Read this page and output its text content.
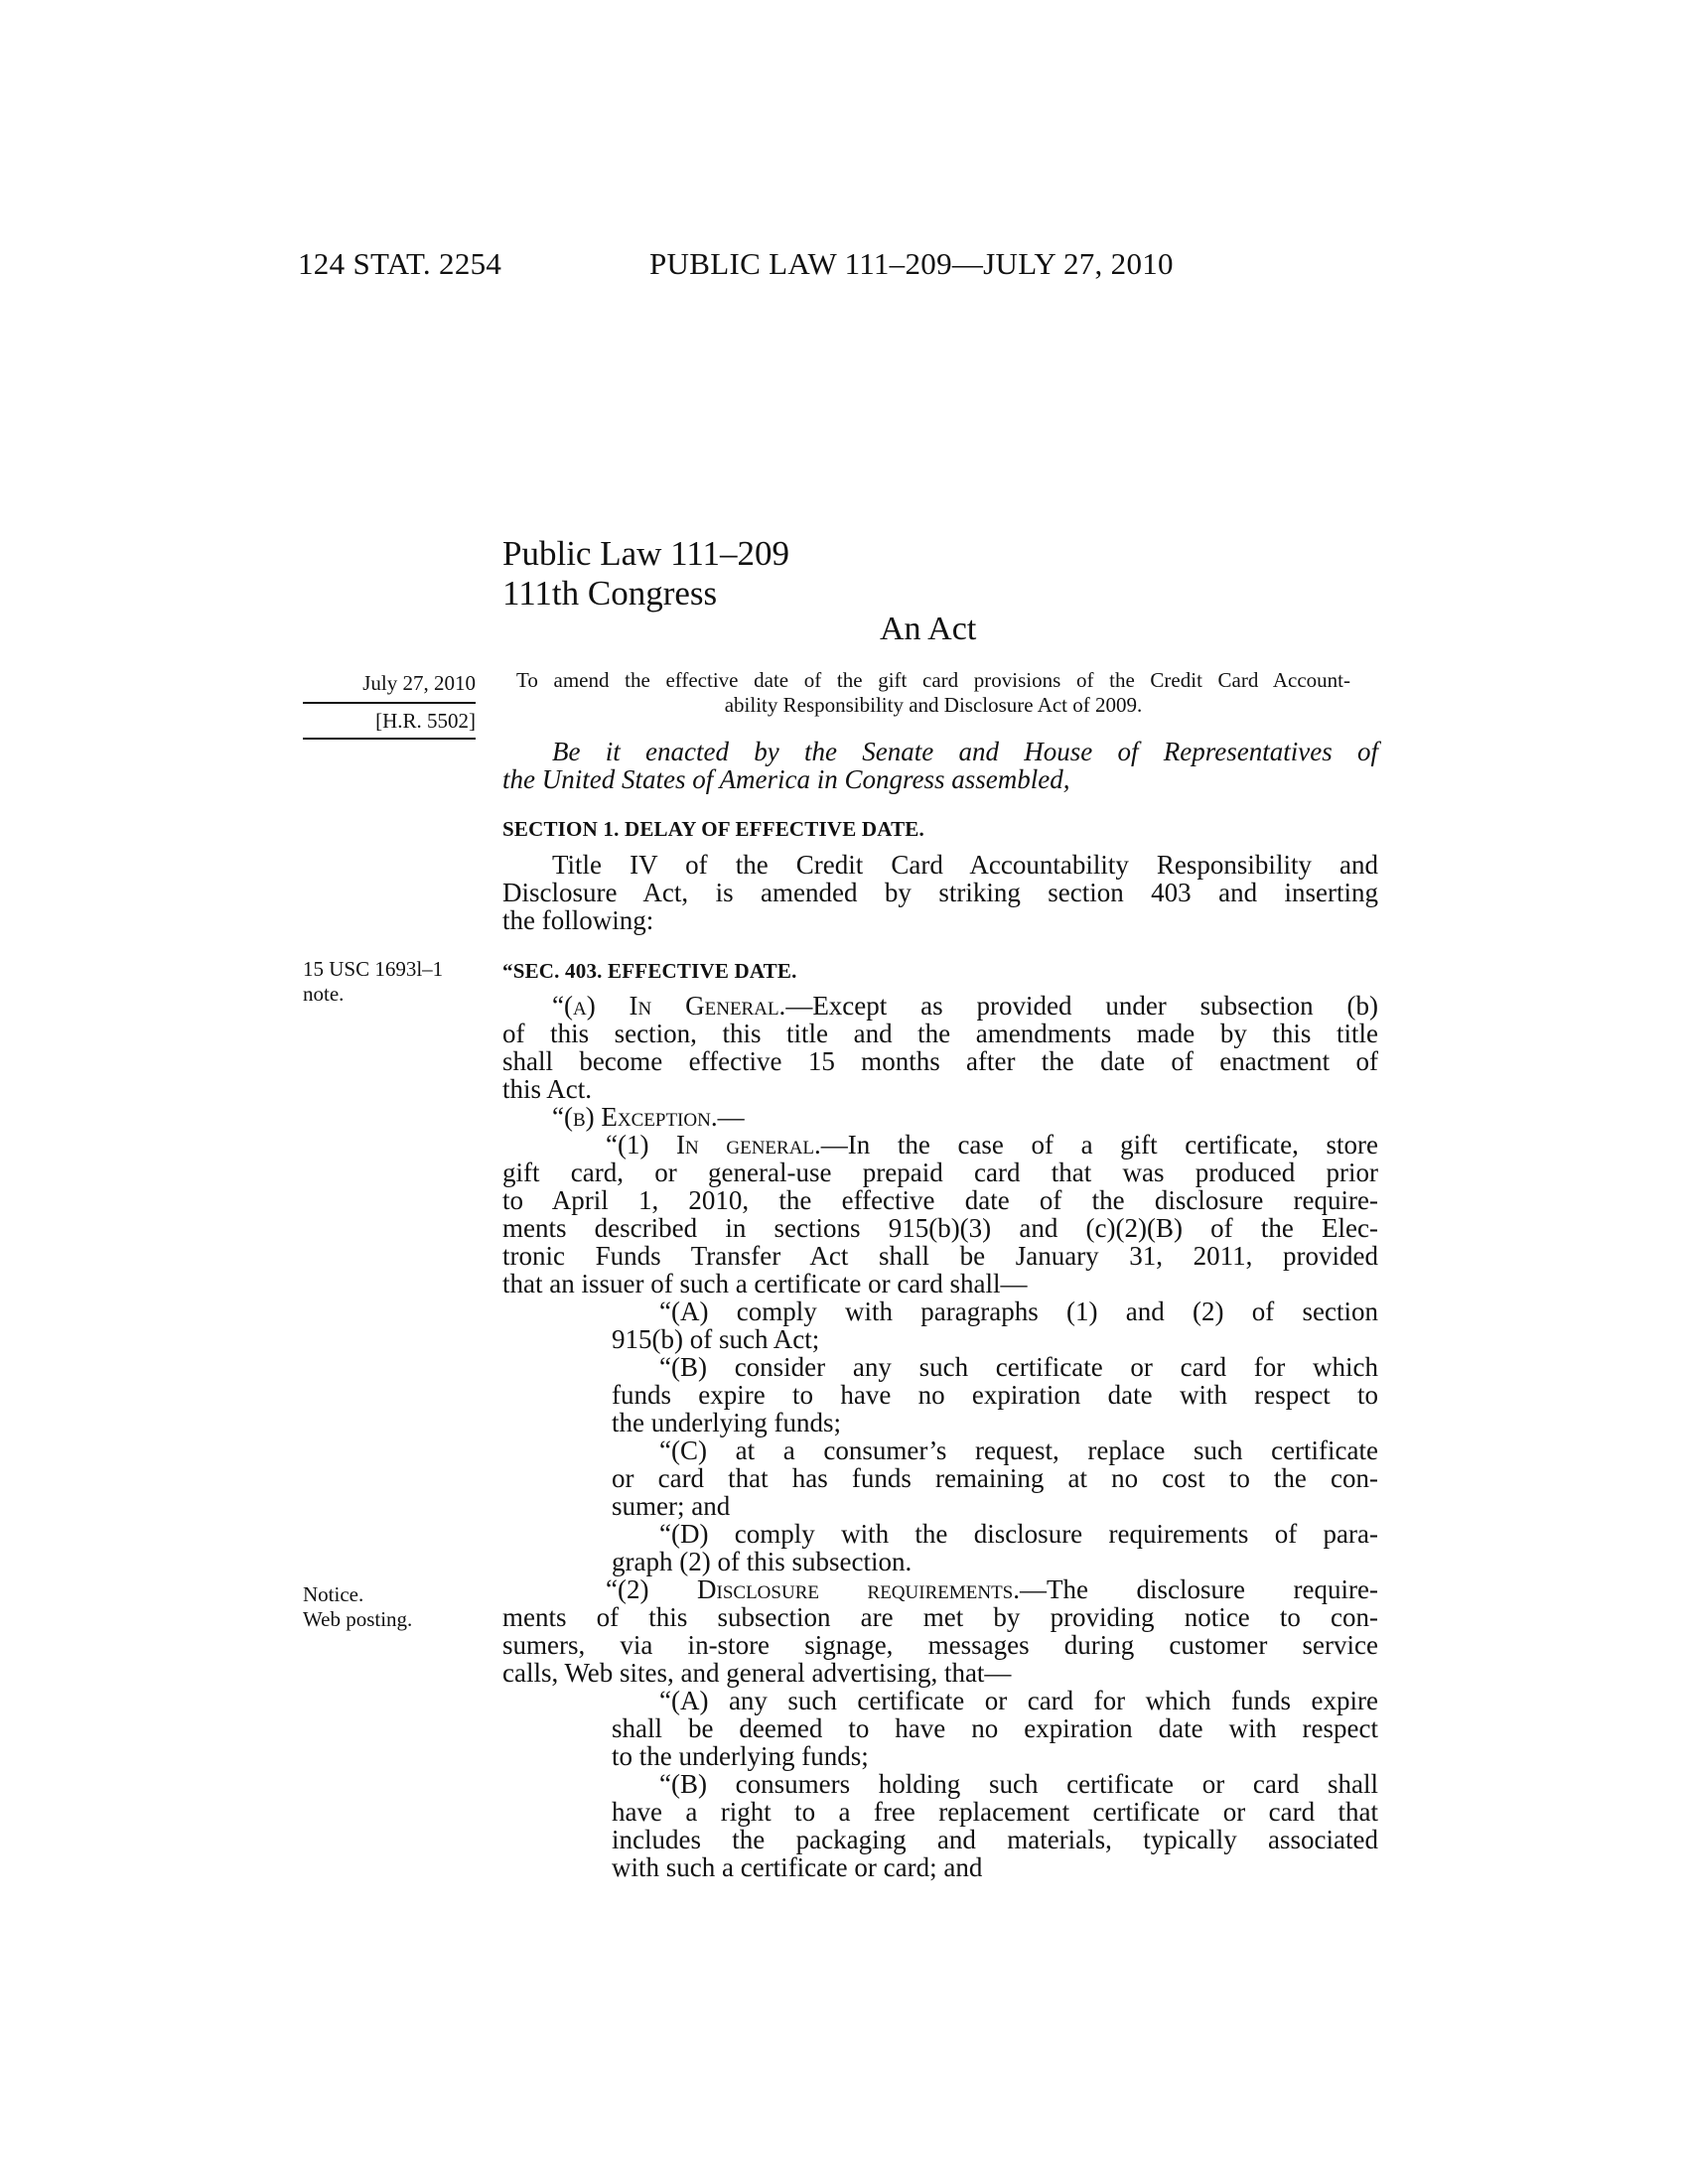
124 STAT. 2254	PUBLIC LAW 111–209—JULY 27, 2010
Public Law 111–209
111th Congress
An Act
July 27, 2010
[H.R. 5502]
To amend the effective date of the gift card provisions of the Credit Card Account-
ability Responsibility and Disclosure Act of 2009.
Be it enacted by the Senate and House of Representatives of
the United States of America in Congress assembled,
SECTION 1. DELAY OF EFFECTIVE DATE.
Title IV of the Credit Card Accountability Responsibility and
Disclosure Act, is amended by striking section 403 and inserting
the following:
15 USC 1693l–1
note.
“SEC. 403. EFFECTIVE DATE.
“(a) In General.—Except as provided under subsection (b)
of this section, this title and the amendments made by this title
shall become effective 15 months after the date of enactment of
this Act.
“(b) Exception.—
“(1) In general.—In the case of a gift certificate, store
gift card, or general-use prepaid card that was produced prior
to April 1, 2010, the effective date of the disclosure require-
ments described in sections 915(b)(3) and (c)(2)(B) of the Elec-
tronic Funds Transfer Act shall be January 31, 2011, provided
that an issuer of such a certificate or card shall—
“(A) comply with paragraphs (1) and (2) of section
915(b) of such Act;
“(B) consider any such certificate or card for which
funds expire to have no expiration date with respect to
the underlying funds;
“(C) at a consumer’s request, replace such certificate
or card that has funds remaining at no cost to the con-
sumer; and
“(D) comply with the disclosure requirements of para-
graph (2) of this subsection.
“(2) Disclosure requirements.—The disclosure require-
ments of this subsection are met by providing notice to con-
sumers, via in-store signage, messages during customer service
calls, Web sites, and general advertising, that—
“(A) any such certificate or card for which funds expire
shall be deemed to have no expiration date with respect
to the underlying funds;
“(B) consumers holding such certificate or card shall
have a right to a free replacement certificate or card that
includes the packaging and materials, typically associated
with such a certificate or card; and
Notice.
Web posting.
